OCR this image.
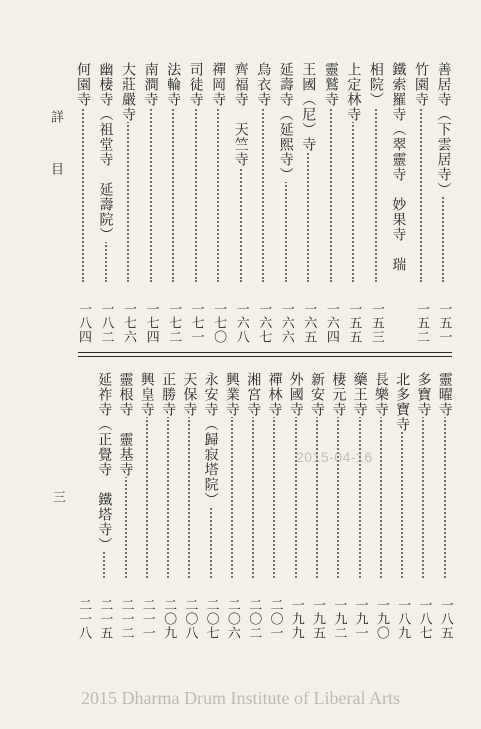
詳 目
三
善居寺（下雲居寺）
一五一
竹園寺
一五二
鐵索羅寺（翠靈寺　妙果寺　瑞
相院）
一五三
上定林寺
一五五
靈鷲寺
一六四
王國（尼）寺
一六五
延壽寺（延熙寺）
一六六
烏衣寺
一六七
齊福寺　天竺寺
一六八
禪岡寺
一七〇
司徒寺
一七一
法輪寺
一七二
南澗寺
一七四
大莊嚴寺
一七六
幽棲寺（祖堂寺　延壽院）
一八二
何園寺
一八四
靈曜寺
一八五
多寶寺
一八七
北多寶寺
一八九
長樂寺
一九〇
藥王寺
一九一
棲元寺
一九二
新安寺
一九五
外國寺
一九九
禪林寺
二〇一
湘宮寺
二〇二
興業寺
二〇六
永安寺（歸寂塔院）
二〇七
天保寺
二〇八
正勝寺
二〇九
興皇寺
二一一
靈根寺　靈基寺
二一二
延祚寺（正覺寺　鐵塔寺）
二一五
二一八
2015-04-16
2015 Dharma Drum Institute of Liberal Arts
